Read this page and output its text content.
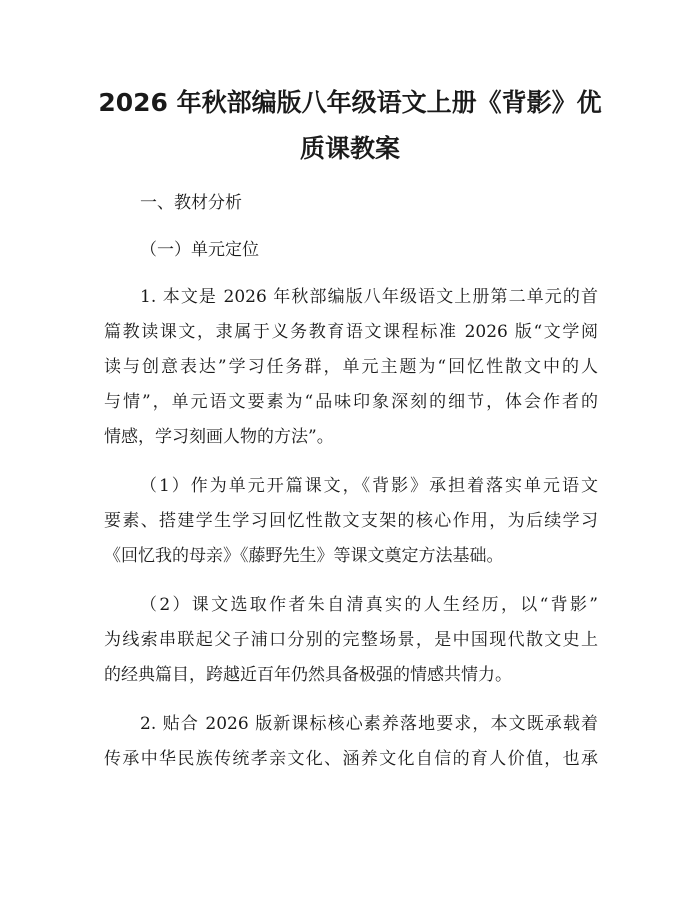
2026 年秋部编版八年级语文上册《背影》优
质课教案

一、教材分析

（一）单元定位

1. 本文是 2026 年秋部编版八年级语文上册第二单元的首

篇教读课文，隶属于义务教育语文课程标准 2026 版“文学阅

读与创意表达”学习任务群，单元主题为“回忆性散文中的人

与情”，单元语文要素为“品味印象深刻的细节，体会作者的

情感，学习刻画人物的方法”。

（1）作为单元开篇课文，《背影》承担着落实单元语文

要素、搭建学生学习回忆性散文支架的核心作用，为后续学习

《回忆我的母亲》《藤野先生》等课文奠定方法基础。

（2）课文选取作者朱自清真实的人生经历，以“背影”

为线索串联起父子浦口分别的完整场景，是中国现代散文史上

的经典篇目，跨越近百年仍然具备极强的情感共情力。

2. 贴合 2026 版新课标核心素养落地要求，本文既承载着

传承中华民族传统孝亲文化、涵养文化自信的育人价值，也承
